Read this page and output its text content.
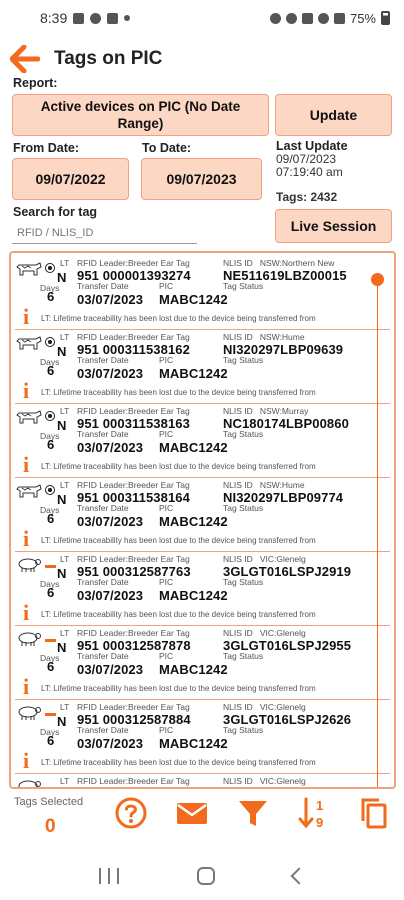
8:39	75%
Tags on PIC
Report:
Active devices on PIC (No Date Range)
Update
From Date:	To Date:
09/07/2022	09/07/2023
Last Update
09/07/2023
07:19:40 am
Tags: 2432
Search for tag
RFID / NLIS_ID
Live Session
LT
N
RFID Leader:Breeder Ear Tag
951 000001393274
NLIS ID NSW:Northern New
NE511619LBZ00015
Days
6
Transfer Date
03/07/2023
PIC
MABC1242
Tag Status
i LT: Lifetime traceability has been lost due to the device being transferred from
LT
N
RFID Leader:Breeder Ear Tag
951 000311538162
NLIS ID NSW:Hume
NI320297LBP09639
Days
6
Transfer Date
03/07/2023
PIC
MABC1242
Tag Status
i LT: Lifetime traceability has been lost due to the device being transferred from
LT
N
RFID Leader:Breeder Ear Tag
951 000311538163
NLIS ID NSW:Murray
NC180174LBP00860
Days
6
Transfer Date
03/07/2023
PIC
MABC1242
Tag Status
i LT: Lifetime traceability has been lost due to the device being transferred from
LT
N
RFID Leader:Breeder Ear Tag
951 000311538164
NLIS ID NSW:Hume
NI320297LBP09774
Days
6
Transfer Date
03/07/2023
PIC
MABC1242
Tag Status
i LT: Lifetime traceability has been lost due to the device being transferred from
LT
N
RFID Leader:Breeder Ear Tag
951 000312587763
NLIS ID VIC:Glenelg
3GLGT016LSPJ2919
Days
6
Transfer Date
03/07/2023
PIC
MABC1242
Tag Status
i LT: Lifetime traceability has been lost due to the device being transferred from
LT
N
RFID Leader:Breeder Ear Tag
951 000312587878
NLIS ID VIC:Glenelg
3GLGT016LSPJ2955
Days
6
Transfer Date
03/07/2023
PIC
MABC1242
Tag Status
i LT: Lifetime traceability has been lost due to the device being transferred from
LT
N
RFID Leader:Breeder Ear Tag
951 000312587884
NLIS ID VIC:Glenelg
3GLGT016LSPJ2626
Days
6
Transfer Date
03/07/2023
PIC
MABC1242
Tag Status
i LT: Lifetime traceability has been lost due to the device being transferred from
LT RFID Leader:Breeder Ear Tag	NLIS ID VIC:Glenelg
Tags Selected
0
1
9
